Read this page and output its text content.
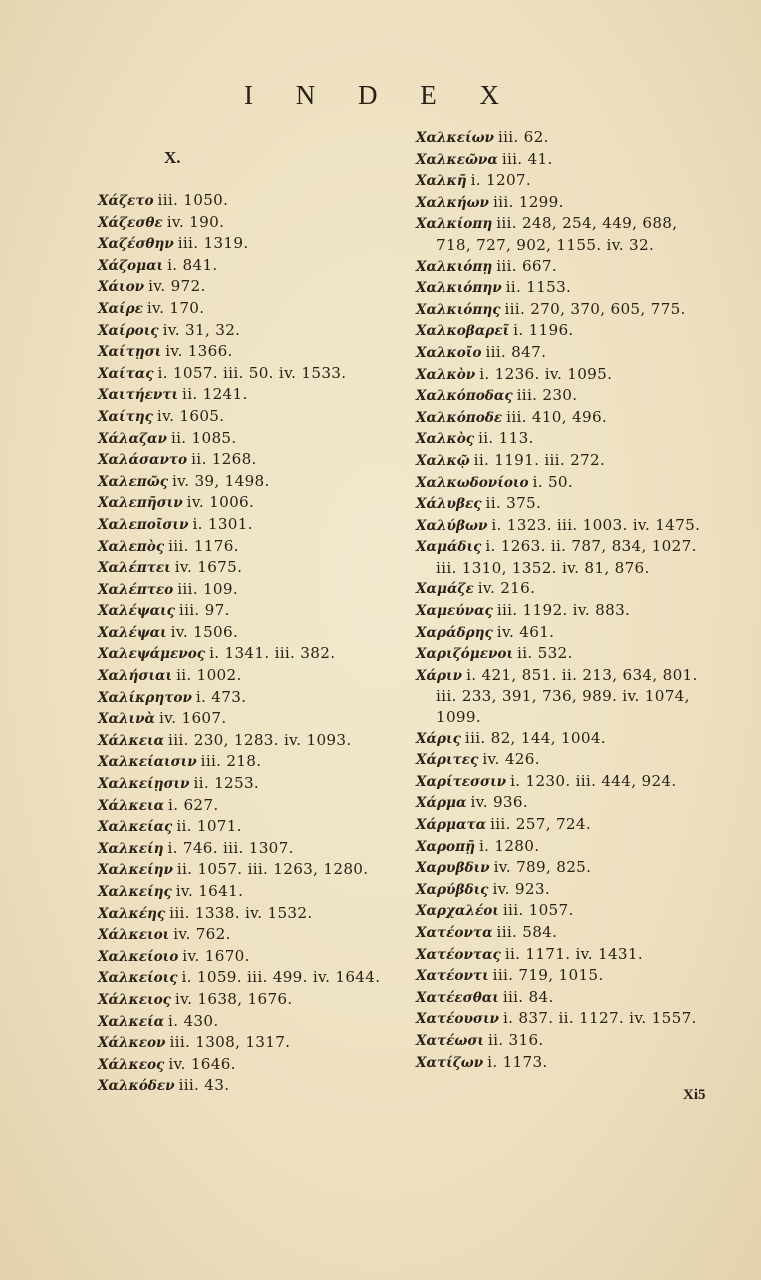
I N D E X
X.

Χάζετο iii. 1050.

Χάζεσθε iv. 190.

Χαζέσθην iii. 1319.

Χάζομαι i. 841.

Χάιον iv. 972.

Χαίρε iv. 170.

Χαίροις iv. 31, 32.

Χαίτῃσι iv. 1366.

Χαίτας i. 1057. iii. 50. iv. 1533.

Χαιτήεντι ii. 1241.

Χαίτης iv. 1605.

Χάλαζαν ii. 1085.

Χαλάσαντο ii. 1268.

Χαλεπῶς iv. 39, 1498.

Χαλεπῆσιν iv. 1006.

Χαλεποῖσιν i. 1301.

Χαλεπὸς iii. 1176.

Χαλέπτει iv. 1675.

Χαλέπτεο iii. 109.

Χαλέψαις iii. 97.

Χαλέψαι iv. 1506.

Χαλεψάμενος i. 1341. iii. 382.

Χαλήσιαι ii. 1002.

Χαλίκρητον i. 473.

Χαλινὰ iv. 1607.

Χάλκεια iii. 230, 1283. iv. 1093.

Χαλκείαισιν iii. 218.

Χαλκείῃσιν ii. 1253.

Χάλκεια i. 627.

Χαλκείας ii. 1071.

Χαλκείη i. 746. iii. 1307.

Χαλκείην ii. 1057. iii. 1263, 1280.

Χαλκείης iv. 1641.

Χαλκέης iii. 1338. iv. 1532.

Χάλκειοι iv. 762.

Χαλκείοιο iv. 1670.

Χαλκείοις i. 1059. iii. 499. iv. 1644.

Χάλκειος iv. 1638, 1676.

Χαλκεία i. 430.

Χάλκεον iii. 1308, 1317.

Χάλκεος iv. 1646.

Χαλκόδεν iii. 43.

Χαλκείων iii. 62.

Χαλκεῶνα iii. 41.

Χαλκῆ i. 1207.

Χαλκήων iii. 1299.

Χαλκίοπη iii. 248, 254, 449, 688, 718, 727, 902, 1155. iv. 32.

Χαλκιόπῃ iii. 667.

Χαλκιόπην ii. 1153.

Χαλκιόπης iii. 270, 370, 605, 775.

Χαλκοβαρεῖ i. 1196.

Χαλκοῖο iii. 847.

Χαλκὸν i. 1236. iv. 1095.

Χαλκόποδας iii. 230.

Χαλκόποδε iii. 410, 496.

Χαλκὸς ii. 113.

Χαλκῷ ii. 1191. iii. 272.

Χαλκωδονίοιο i. 50.

Χάλυβες ii. 375.

Χαλύβων i. 1323. iii. 1003. iv. 1475.

Χαμάδις i. 1263. ii. 787, 834, 1027. iii. 1310, 1352. iv. 81, 876.

Χαμάζε iv. 216.

Χαμεύνας iii. 1192. iv. 883.

Χαράδρης iv. 461.

Χαριζόμενοι ii. 532.

Χάριν i. 421, 851. ii. 213, 634, 801. iii. 233, 391, 736, 989. iv. 1074, 1099.

Χάρις iii. 82, 144, 1004.

Χάριτες iv. 426.

Χαρίτεσσιν i. 1230. iii. 444, 924.

Χάρμα iv. 936.

Χάρματα iii. 257, 724.

Χαροπῇ i. 1280.

Χαρυβδιν iv. 789, 825.

Χαρύβδις iv. 923.

Χαρχαλέοι iii. 1057.

Χατέοντα iii. 584.

Χατέοντας ii. 1171. iv. 1431.

Χατέοντι iii. 719, 1015.

Χατέεσθαι iii. 84.

Χατέουσιν i. 837. ii. 1127. iv. 1557.

Χατέωσι ii. 316.

Χατίζων i. 1173.

Xi5
